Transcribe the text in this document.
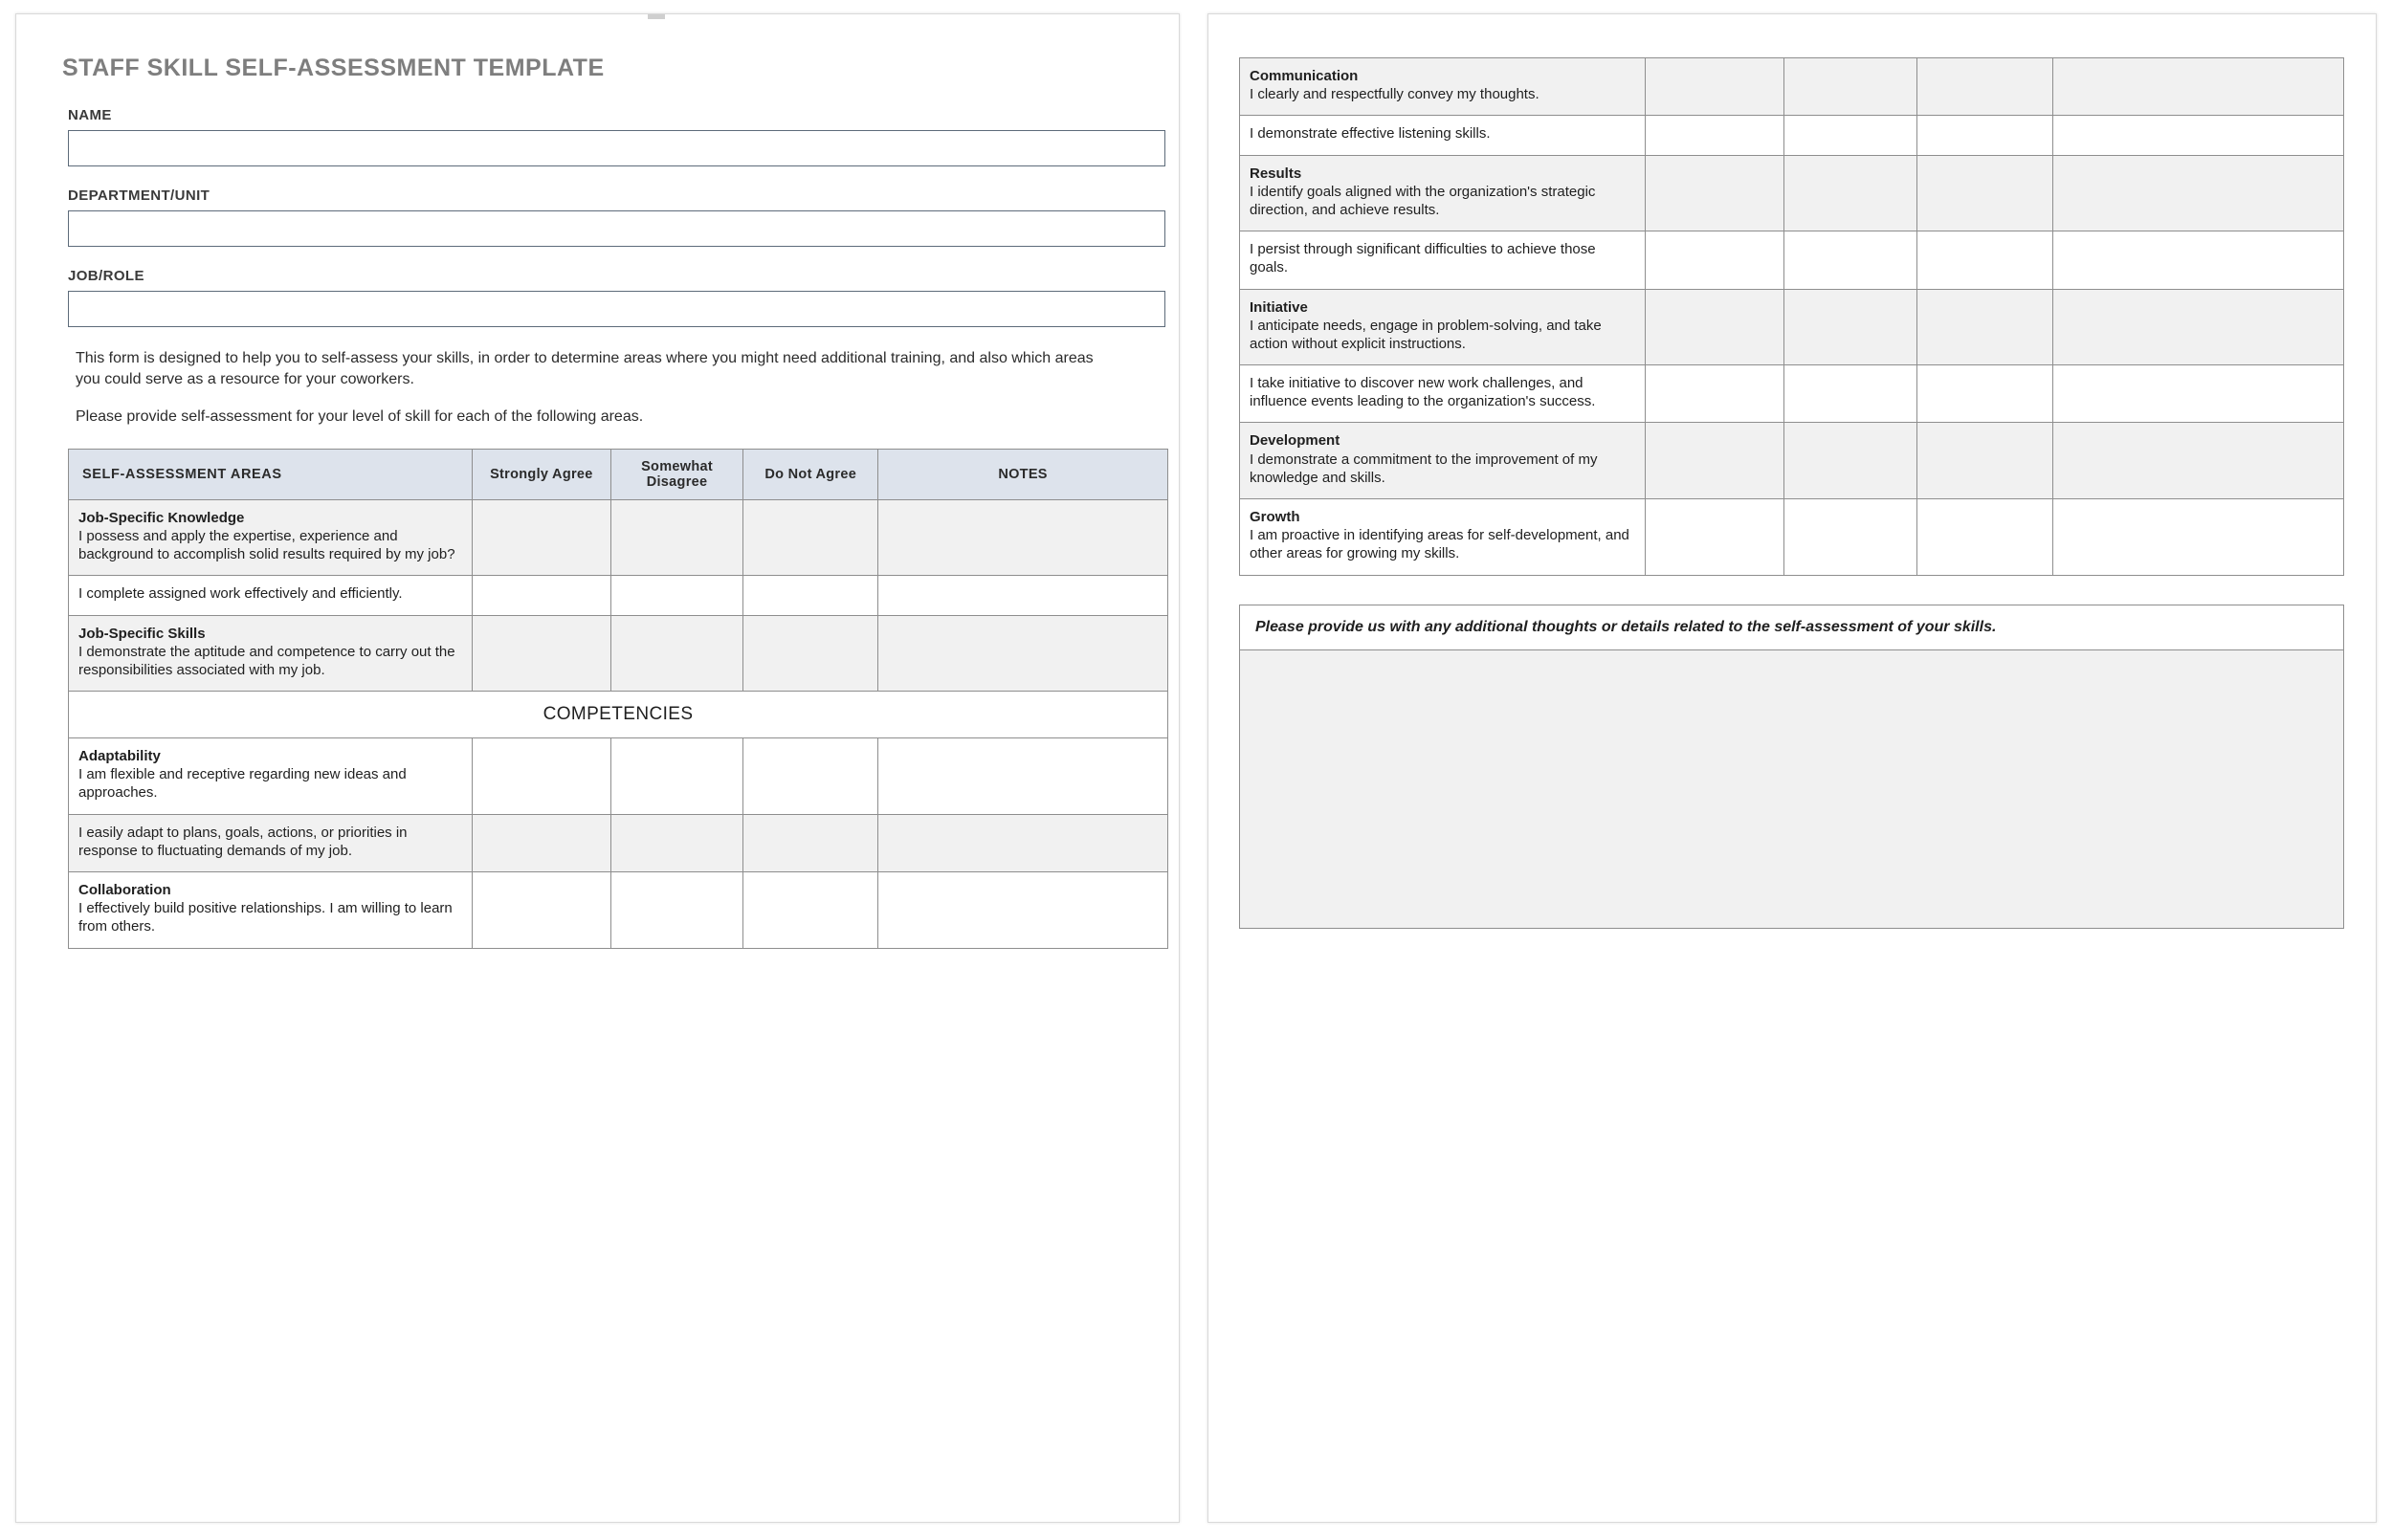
STAFF SKILL SELF-ASSESSMENT TEMPLATE
NAME
DEPARTMENT/UNIT
JOB/ROLE

This form is designed to help you to self-assess your skills, in order to determine areas where you might need additional training, and also which areas you could serve as a resource for your coworkers.

Please provide self-assessment for your level of skill for each of the following areas.

SELF-ASSESSMENT AREAS	Strongly Agree	Somewhat Disagree	Do Not Agree	NOTES

Job-Specific Knowledge
I possess and apply the expertise, experience and background to accomplish solid results required by my job?				

I complete assigned work effectively and efficiently.				

Job-Specific Skills
I demonstrate the aptitude and competence to carry out the responsibilities associated with my job.				

COMPETENCIES				

Adaptability
I am flexible and receptive regarding new ideas and approaches.				

I easily adapt to plans, goals, actions, or priorities in response to fluctuating demands of my job.				

Collaboration
I effectively build positive relationships. I am willing to learn from others.				

Communication
I clearly and respectfully convey my thoughts.				

I demonstrate effective listening skills.				

Results
I identify goals aligned with the organization's strategic direction, and achieve results.				

I persist through significant difficulties to achieve those goals.				

Initiative
I anticipate needs, engage in problem-solving, and take action without explicit instructions.				

I take initiative to discover new work challenges, and influence events leading to the organization's success.				

Development
I demonstrate a commitment to the improvement of my knowledge and skills.				

Growth
I am proactive in identifying areas for self-development, and other areas for growing my skills.				

Please provide us with any additional thoughts or details related to the self-assessment of your skills.
